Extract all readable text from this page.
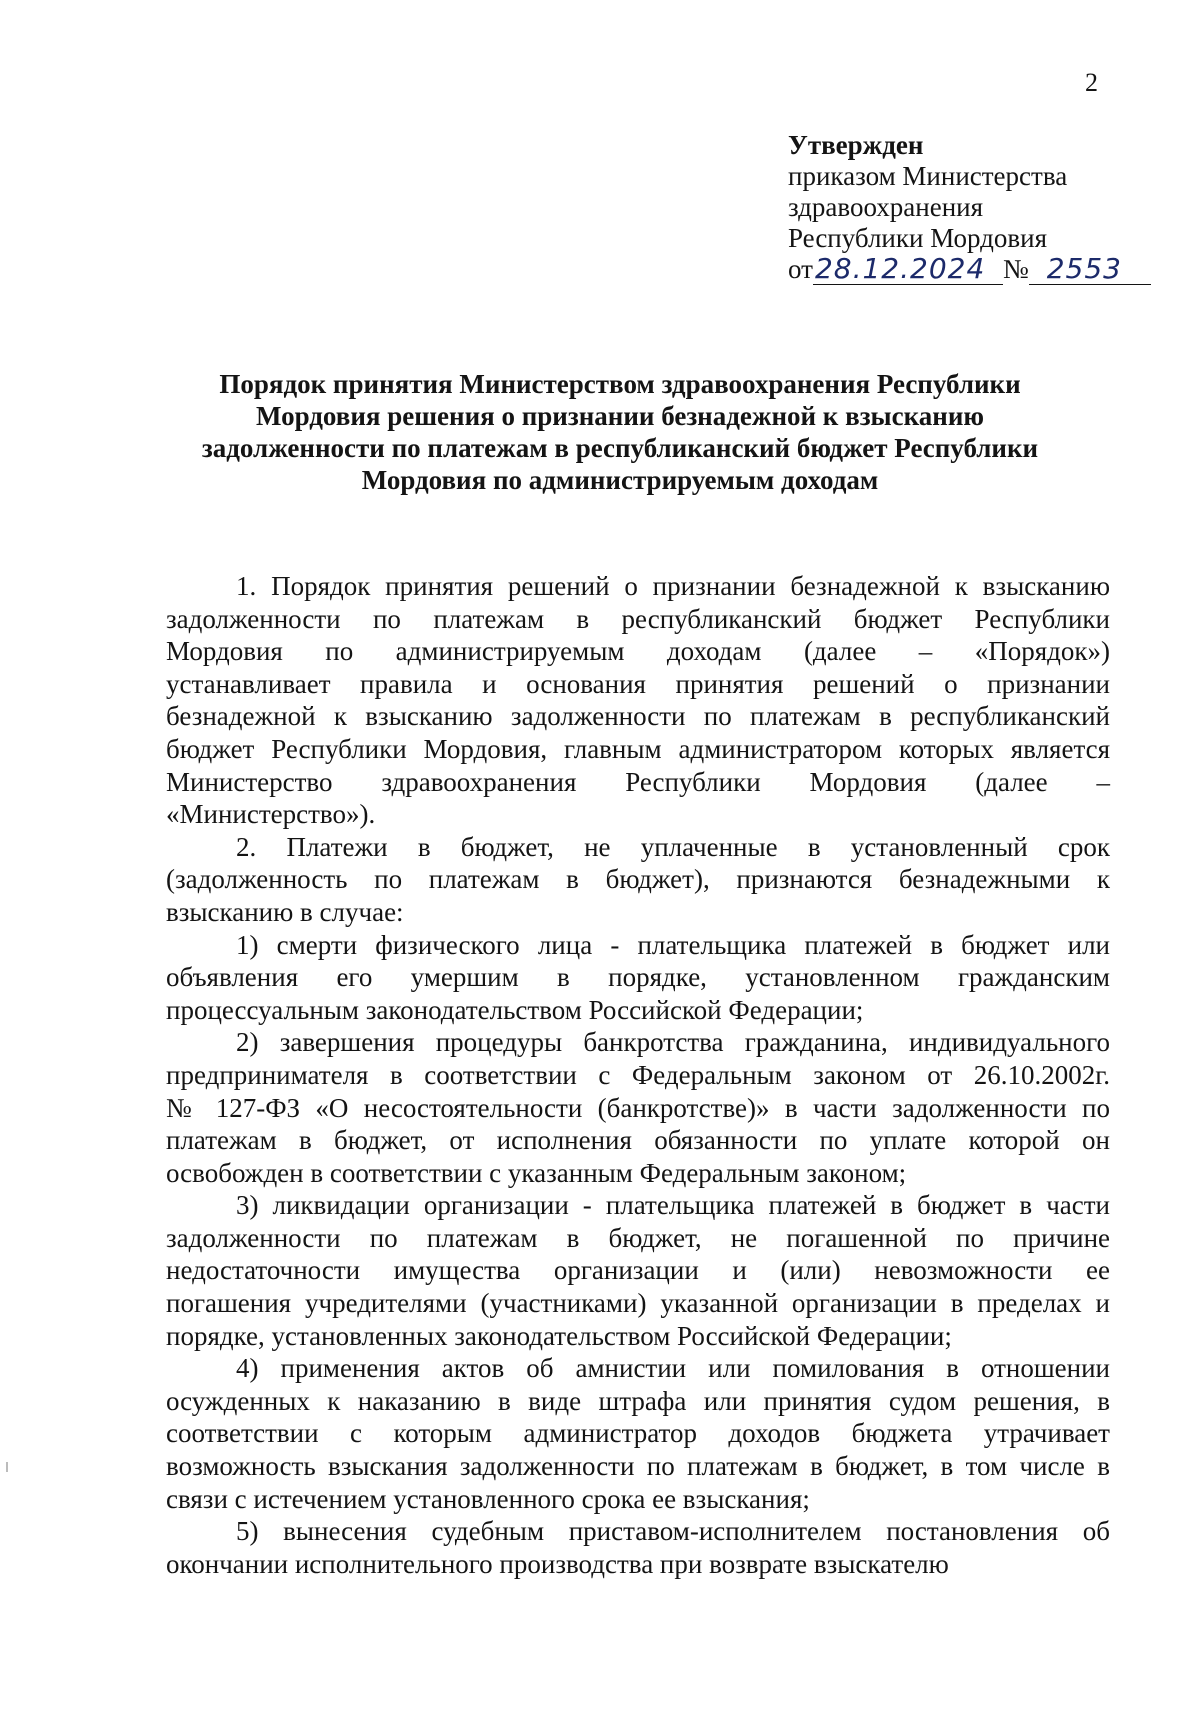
2
Утвержден
приказом Министерства
здравоохранения
Республики Мордовия
от28.12.2024 № 2553
Порядок принятия Министерством здравоохранения Республики
Мордовия решения о признании безнадежной к взысканию
задолженности по платежам в республиканский бюджет Республики
Мордовия по администрируемым доходам
1. Порядок принятия решений о признании безнадежной к взысканию
задолженности по платежам в республиканский бюджет Республики
Мордовия по администрируемым доходам (далее – «Порядок»)
устанавливает правила и основания принятия решений о признании
безнадежной к взысканию задолженности по платежам в республиканский
бюджет Республики Мордовия, главным администратором которых является
Министерство здравоохранения Республики Мордовия (далее –
«Министерство»).
2. Платежи в бюджет, не уплаченные в установленный срок
(задолженность по платежам в бюджет), признаются безнадежными к
взысканию в случае:
1) смерти физического лица - плательщика платежей в бюджет или
объявления его умершим в порядке, установленном гражданским
процессуальным законодательством Российской Федерации;
2) завершения процедуры банкротства гражданина, индивидуального
предпринимателя в соответствии с Федеральным законом от 26.10.2002г.
№ 127-ФЗ «О несостоятельности (банкротстве)» в части задолженности по
платежам в бюджет, от исполнения обязанности по уплате которой он
освобожден в соответствии с указанным Федеральным законом;
3) ликвидации организации - плательщика платежей в бюджет в части
задолженности по платежам в бюджет, не погашенной по причине
недостаточности имущества организации и (или) невозможности ее
погашения учредителями (участниками) указанной организации в пределах и
порядке, установленных законодательством Российской Федерации;
4) применения актов об амнистии или помилования в отношении
осужденных к наказанию в виде штрафа или принятия судом решения, в
соответствии с которым администратор доходов бюджета утрачивает
возможность взыскания задолженности по платежам в бюджет, в том числе в
связи с истечением установленного срока ее взыскания;
5) вынесения судебным приставом-исполнителем постановления об
окончании исполнительного производства при возврате взыскателю
